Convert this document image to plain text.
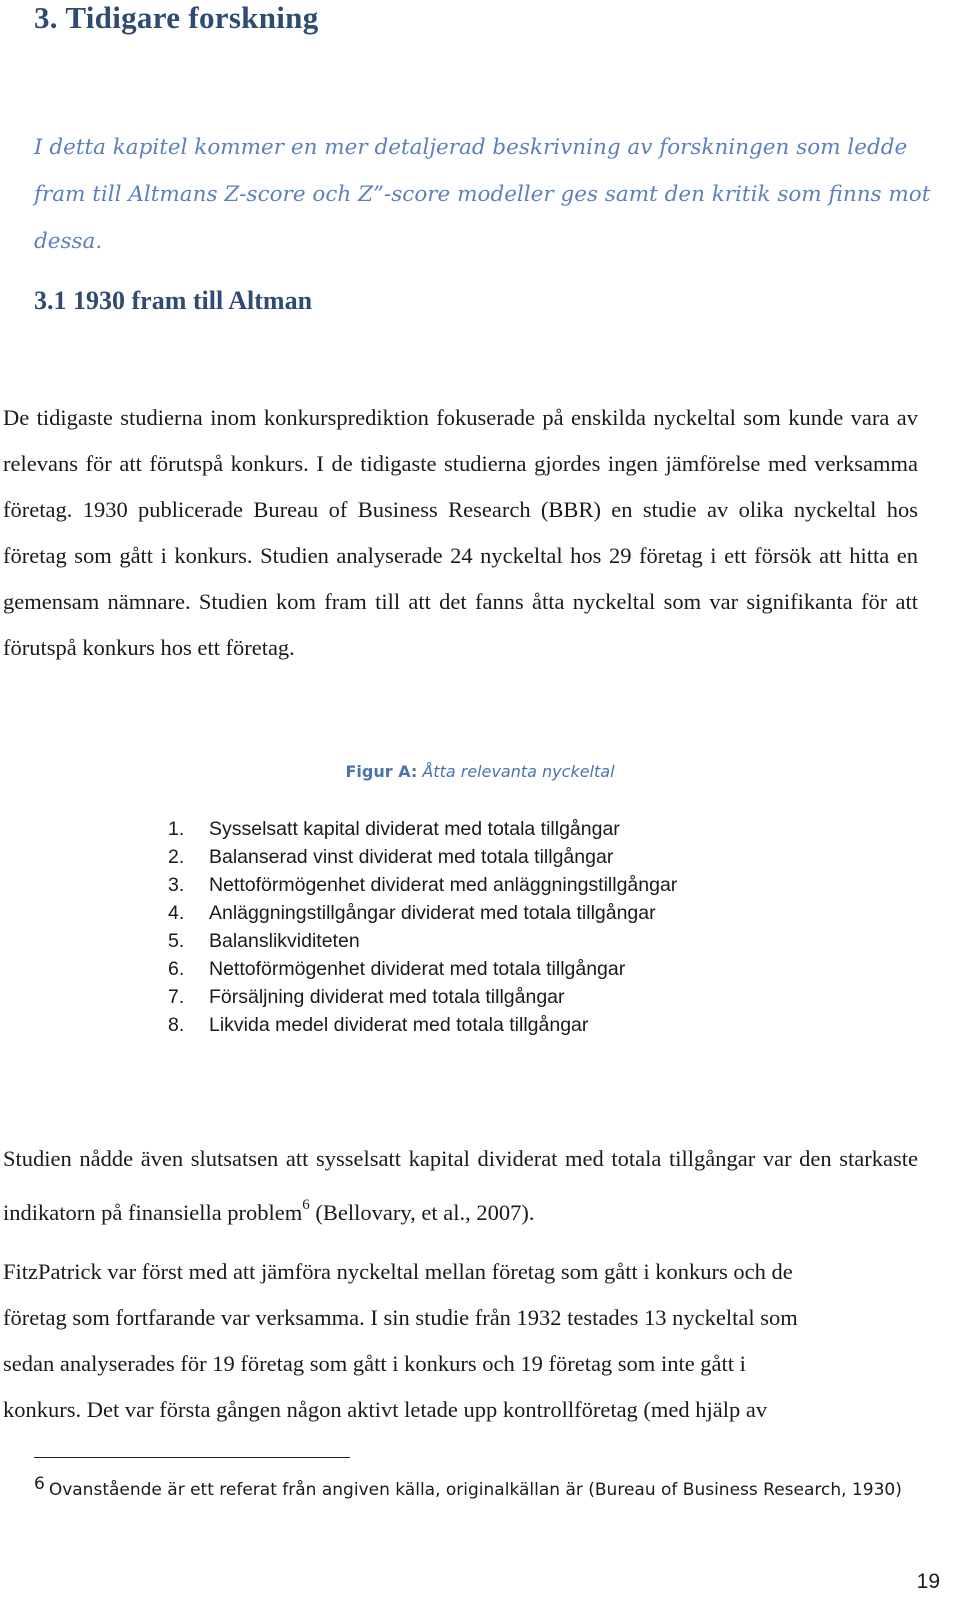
3. Tidigare forskning

I detta kapitel kommer en mer detaljerad beskrivning av forskningen som ledde fram till Altmans Z-score och Z”-score modeller ges samt den kritik som finns mot dessa.

3.1 1930 fram till Altman

De tidigaste studierna inom konkursprediktion fokuserade på enskilda nyckeltal som kunde vara av relevans för att förutspå konkurs. I de tidigaste studierna gjordes ingen jämförelse med verksamma företag. 1930 publicerade Bureau of Business Research (BBR) en studie av olika nyckeltal hos företag som gått i konkurs. Studien analyserade 24 nyckeltal hos 29 företag i ett försök att hitta en gemensam nämnare. Studien kom fram till att det fanns åtta nyckeltal som var signifikanta för att förutspå konkurs hos ett företag.

Figur A: Åtta relevanta nyckeltal

1.	Sysselsatt kapital dividerat med totala tillgångar
2.	Balanserad vinst dividerat med totala tillgångar
3.	Nettoförmögenhet dividerat med anläggningstillgångar
4.	Anläggningstillgångar dividerat med totala tillgångar
5.	Balanslikviditeten
6.	Nettoförmögenhet dividerat med totala tillgångar
7.	Försäljning dividerat med totala tillgångar
8.	Likvida medel dividerat med totala tillgångar

Studien nådde även slutsatsen att sysselsatt kapital dividerat med totala tillgångar var den starkaste indikatorn på finansiella problem$^6$ (Bellovary, et al., 2007).

FitzPatrick var först med att jämföra nyckeltal mellan företag som gått i konkurs och de
företag som fortfarande var verksamma. I sin studie från 1932 testades 13 nyckeltal som
sedan analyserades för 19 företag som gått i konkurs och 19 företag som inte gått i
konkurs. Det var första gången någon aktivt letade upp kontrollföretag (med hjälp av

$^6$ Ovanstående är ett referat från angiven källa, originalkällan är (Bureau of Business Research, 1930)

19
